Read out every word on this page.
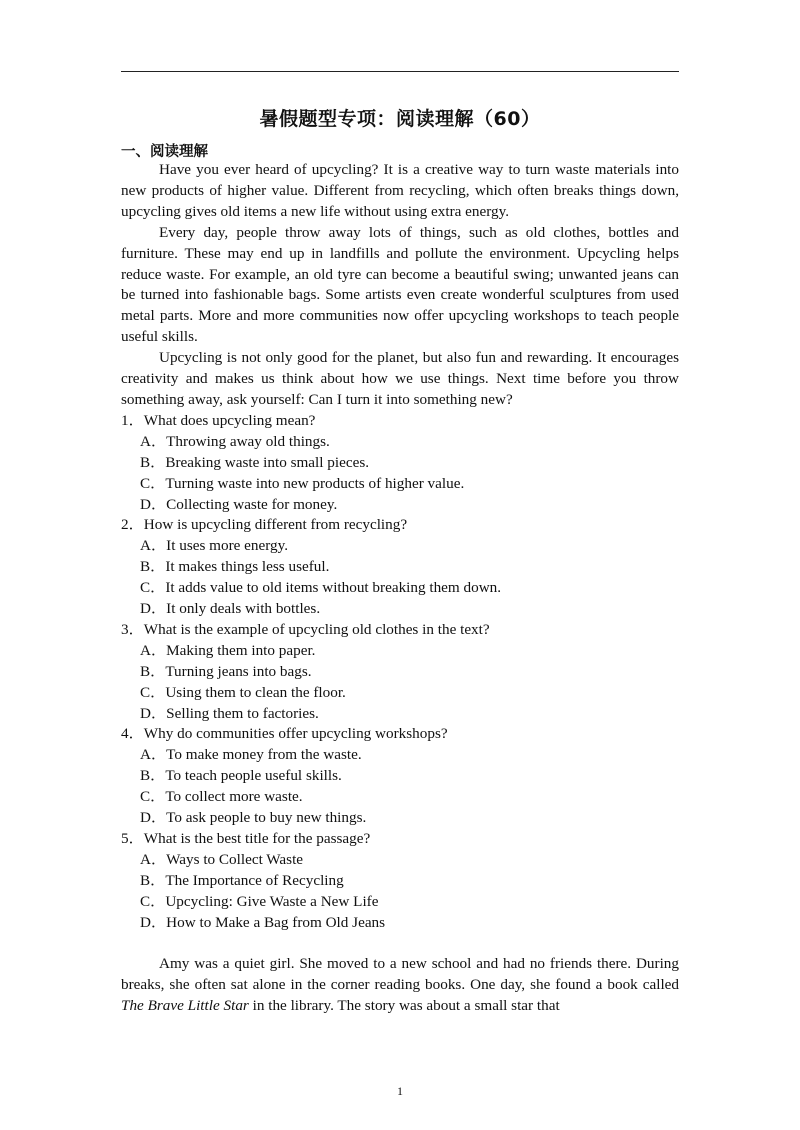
暑假题型专项：阅读理解（60）
一、阅读理解

Have you ever heard of upcycling? It is a creative way to turn waste materials into new products of higher value. Different from recycling, which often breaks things down, upcycling gives old items a new life without using extra energy.

Every day, people throw away lots of things, such as old clothes, bottles and furniture. These may end up in landfills and pollute the environment. Upcycling helps reduce waste. For example, an old tyre can become a beautiful swing; unwanted jeans can be turned into fashionable bags. Some artists even create wonderful sculptures from used metal parts. More and more communities now offer upcycling workshops to teach people useful skills.

Upcycling is not only good for the planet, but also fun and rewarding. It encourages creativity and makes us think about how we use things. Next time before you throw something away, ask yourself: Can I turn it into something new?

1．What does upcycling mean?

A．Throwing away old things.

B．Breaking waste into small pieces.

C．Turning waste into new products of higher value.

D．Collecting waste for money.

2．How is upcycling different from recycling?

A．It uses more energy.

B．It makes things less useful.

C．It adds value to old items without breaking them down.

D．It only deals with bottles.

3．What is the example of upcycling old clothes in the text?

A．Making them into paper.

B．Turning jeans into bags.

C．Using them to clean the floor.

D．Selling them to factories.

4．Why do communities offer upcycling workshops?

A．To make money from the waste.

B．To teach people useful skills.

C．To collect more waste.

D．To ask people to buy new things.

5．What is the best title for the passage?

A．Ways to Collect Waste

B．The Importance of Recycling

C．Upcycling: Give Waste a New Life

D．How to Make a Bag from Old Jeans

Amy was a quiet girl. She moved to a new school and had no friends there. During breaks, she often sat alone in the corner reading books. One day, she found a book called The Brave Little Star in the library. The story was about a small star that

1
